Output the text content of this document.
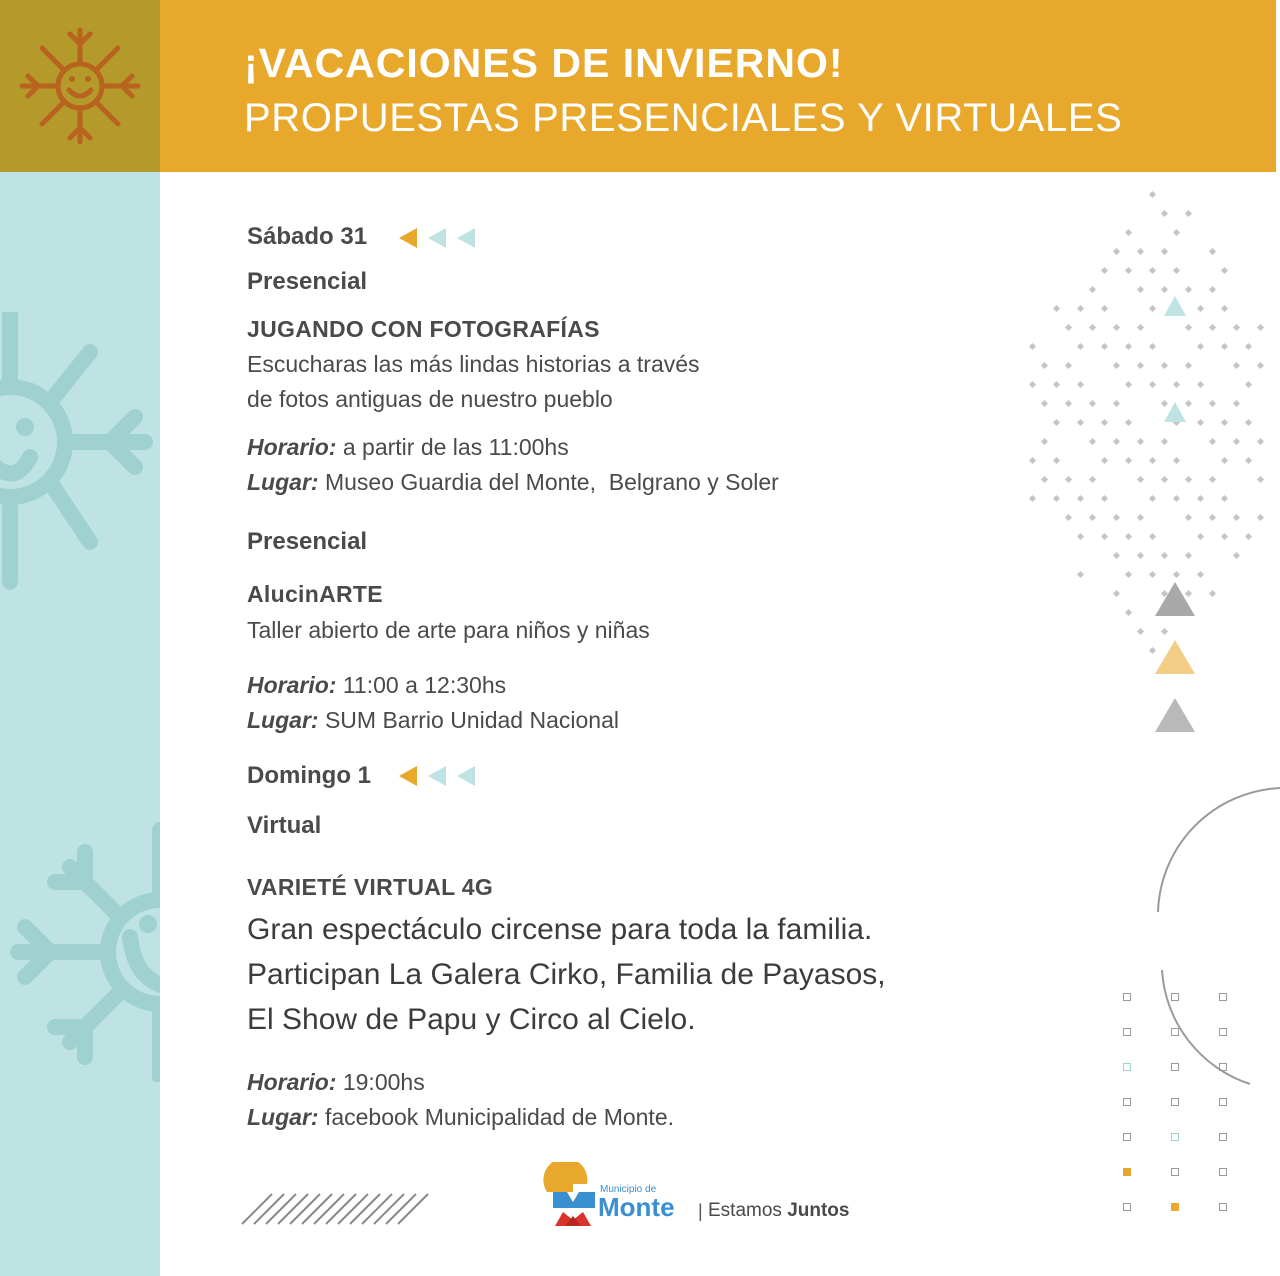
¡VACACIONES DE INVIERNO!
PROPUESTAS PRESENCIALES Y VIRTUALES
Sábado 31
Presencial
JUGANDO CON FOTOGRAFÍAS
Escucharas las más lindas historias a través
de fotos antiguas de nuestro pueblo
Horario: a partir de las 11:00hs
Lugar: Museo Guardia del Monte,  Belgrano y Soler
Presencial
AlucinARTE
Taller abierto de arte para niños y niñas
Horario: 11:00 a 12:30hs
Lugar: SUM Barrio Unidad Nacional
Domingo 1
Virtual
VARIETÉ VIRTUAL 4G
Gran espectáculo circense para toda la familia.
Participan La Galera Cirko, Familia de Payasos,
El Show de Papu y Circo al Cielo.
Horario: 19:00hs
Lugar: facebook Municipalidad de Monte.
Municipio de
Monte | Estamos Juntos
